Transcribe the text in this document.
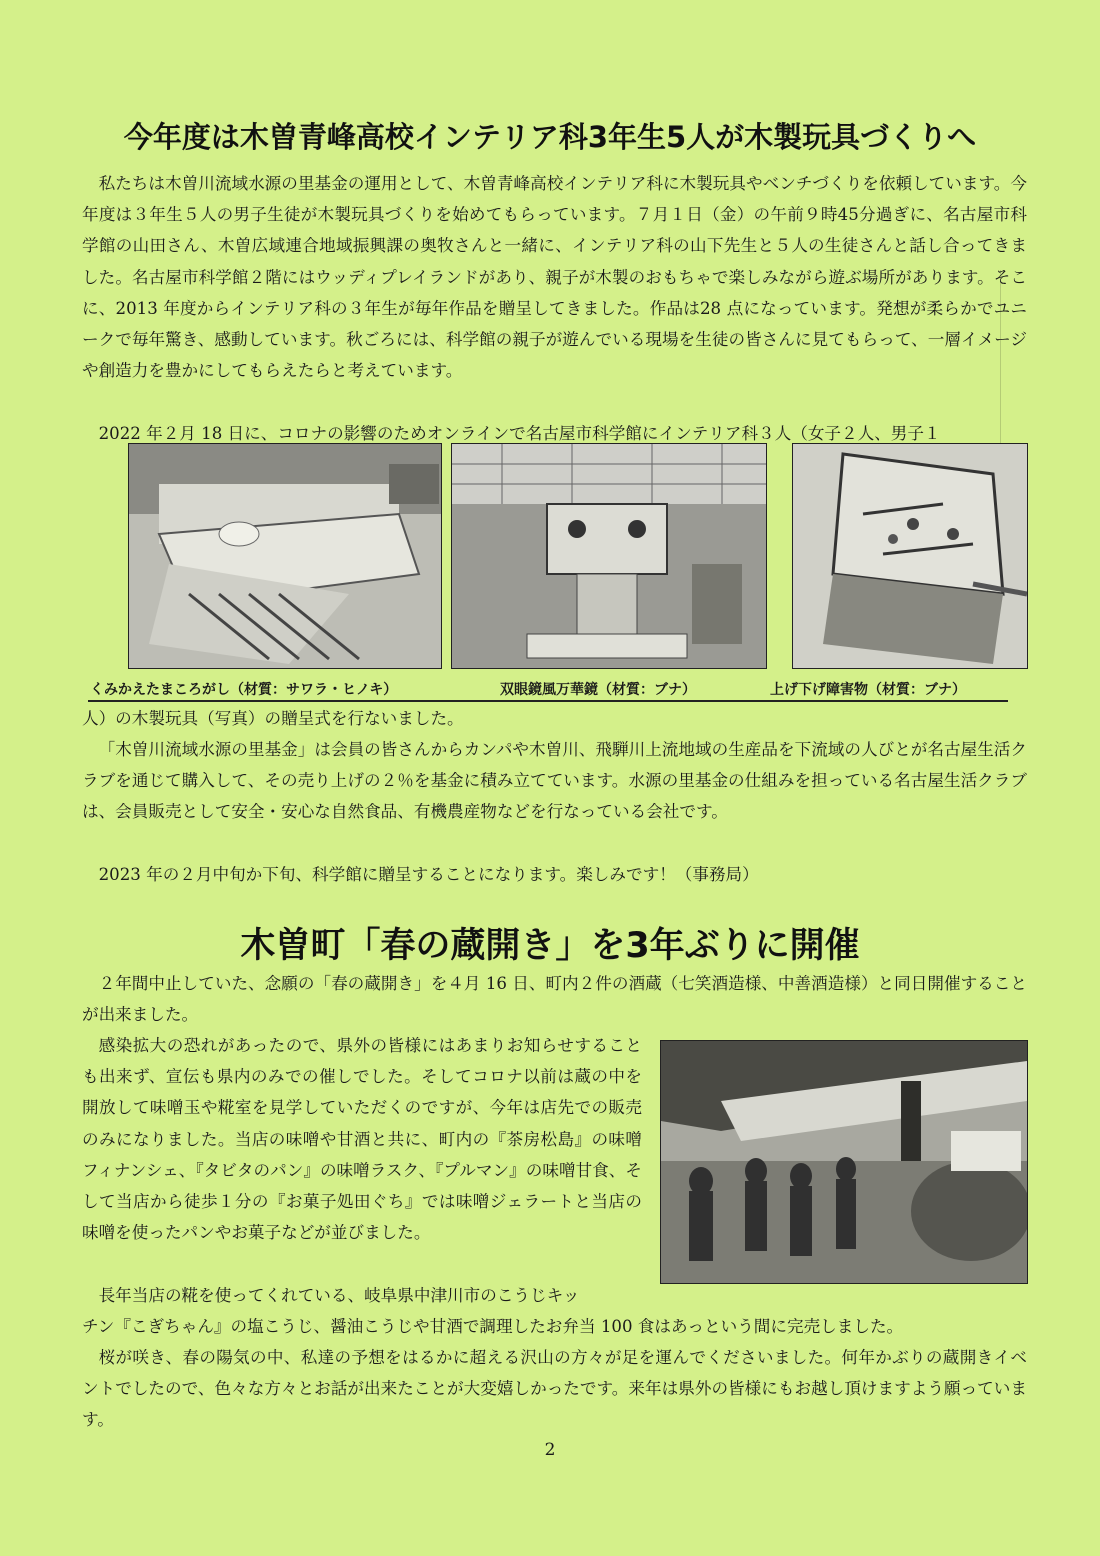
今年度は木曽青峰高校インテリア科3年生5人が木製玩具づくりへ
私たちは木曽川流域水源の里基金の運用として、木曽青峰高校インテリア科に木製玩具やベンチづくりを依頼しています。今年度は３年生５人の男子生徒が木製玩具づくりを始めてもらっています。７月１日（金）の午前９時45分過ぎに、名古屋市科学館の山田さん、木曽広域連合地域振興課の奥牧さんと一緒に、インテリア科の山下先生と５人の生徒さんと話し合ってきました。名古屋市科学館２階にはウッディプレイランドがあり、親子が木製のおもちゃで楽しみながら遊ぶ場所があります。そこに、2013 年度からインテリア科の３年生が毎年作品を贈呈してきました。作品は28 点になっています。発想が柔らかでユニークで毎年驚き、感動しています。秋ごろには、科学館の親子が遊んでいる現場を生徒の皆さんに見てもらって、一層イメージや創造力を豊かにしてもらえたらと考えています。
2022 年２月 18 日に、コロナの影響のためオンラインで名古屋市科学館にインテリア科３人（女子２人、男子１
くみかえたまころがし（材質：サワラ・ヒノキ）	双眼鏡風万華鏡（材質：ブナ）	上げ下げ障害物（材質：ブナ）
人）の木製玩具（写真）の贈呈式を行ないました。
「木曽川流域水源の里基金」は会員の皆さんからカンパや木曽川、飛騨川上流地域の生産品を下流域の人びとが名古屋生活クラブを通じて購入して、その売り上げの２％を基金に積み立てています。水源の里基金の仕組みを担っている名古屋生活クラブは、会員販売として安全・安心な自然食品、有機農産物などを行なっている会社です。
2023 年の２月中旬か下旬、科学館に贈呈することになります。楽しみです！（事務局）
木曽町「春の蔵開き」を3年ぶりに開催
２年間中止していた、念願の「春の蔵開き」を４月 16 日、町内２件の酒蔵（七笑酒造様、中善酒造様）と同日開催することが出来ました。
感染拡大の恐れがあったので、県外の皆様にはあまりお知らせすることも出来ず、宣伝も県内のみでの催しでした。そしてコロナ以前は蔵の中を開放して味噌玉や糀室を見学していただくのですが、今年は店先での販売のみになりました。当店の味噌や甘酒と共に、町内の『茶房松島』の味噌フィナンシェ、『タビタのパン』の味噌ラスク、『プルマン』の味噌甘食、そして当店から徒歩１分の『お菓子処田ぐち』では味噌ジェラートと当店の味噌を使ったパンやお菓子などが並びました。
長年当店の糀を使ってくれている、岐阜県中津川市のこうじキッ
チン『こぎちゃん』の塩こうじ、醤油こうじや甘酒で調理したお弁当 100 食はあっという間に完売しました。
桜が咲き、春の陽気の中、私達の予想をはるかに超える沢山の方々が足を運んでくださいました。何年かぶりの蔵開きイベントでしたので、色々な方々とお話が出来たことが大変嬉しかったです。来年は県外の皆様にもお越し頂けますよう願っています。
2
